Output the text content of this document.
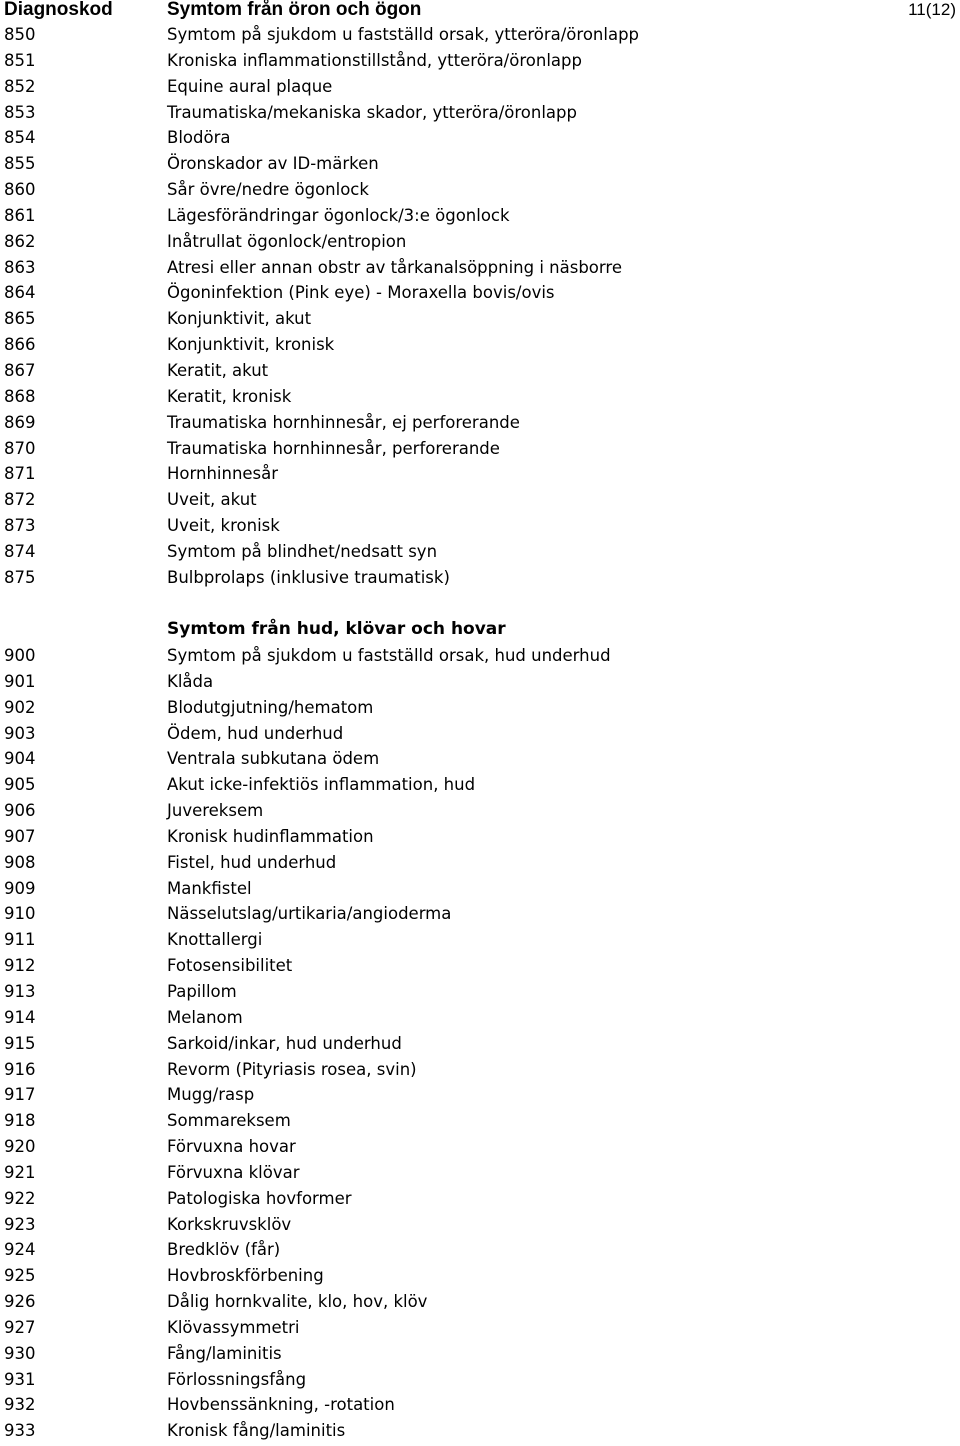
Diagnoskod	Symtom från öron och ögon	11(12)
850	Symtom på sjukdom u fastställd orsak, ytteröra/öronlapp
851	Kroniska inflammationstillstånd, ytteröra/öronlapp
852	Equine aural plaque
853	Traumatiska/mekaniska skador, ytteröra/öronlapp
854	Blodöra
855	Öronskador av ID-märken
860	Sår övre/nedre ögonlock
861	Lägesförändringar ögonlock/3:e ögonlock
862	Inåtrullat ögonlock/entropion
863	Atresi eller annan obstr av tårkanalsöppning i näsborre
864	Ögoninfektion (Pink eye) - Moraxella bovis/ovis
865	Konjunktivit, akut
866	Konjunktivit, kronisk
867	Keratit, akut
868	Keratit, kronisk
869	Traumatiska hornhinnesår, ej perforerande
870	Traumatiska hornhinnesår, perforerande
871	Hornhinnesår
872	Uveit, akut
873	Uveit, kronisk
874	Symtom på blindhet/nedsatt syn
875	Bulbprolaps (inklusive traumatisk)
Symtom från hud, klövar och hovar
900	Symtom på sjukdom u fastställd orsak, hud underhud
901	Klåda
902	Blodutgjutning/hematom
903	Ödem, hud underhud
904	Ventrala subkutana ödem
905	Akut icke-infektiös inflammation, hud
906	Juvereksem
907	Kronisk hudinflammation
908	Fistel, hud underhud
909	Mankfistel
910	Nässelutslag/urtikaria/angioderma
911	Knottallergi
912	Fotosensibilitet
913	Papillom
914	Melanom
915	Sarkoid/inkar, hud underhud
916	Revorm (Pityriasis rosea, svin)
917	Mugg/rasp
918	Sommareksem
920	Förvuxna hovar
921	Förvuxna klövar
922	Patologiska hovformer
923	Korkskruvsklöv
924	Bredklöv (får)
925	Hovbroskförbening
926	Dålig hornkvalite, klo, hov, klöv
927	Klövassymmetri
930	Fång/laminitis
931	Förlossningsfång
932	Hovbenssänkning, -rotation
933	Kronisk fång/laminitis
